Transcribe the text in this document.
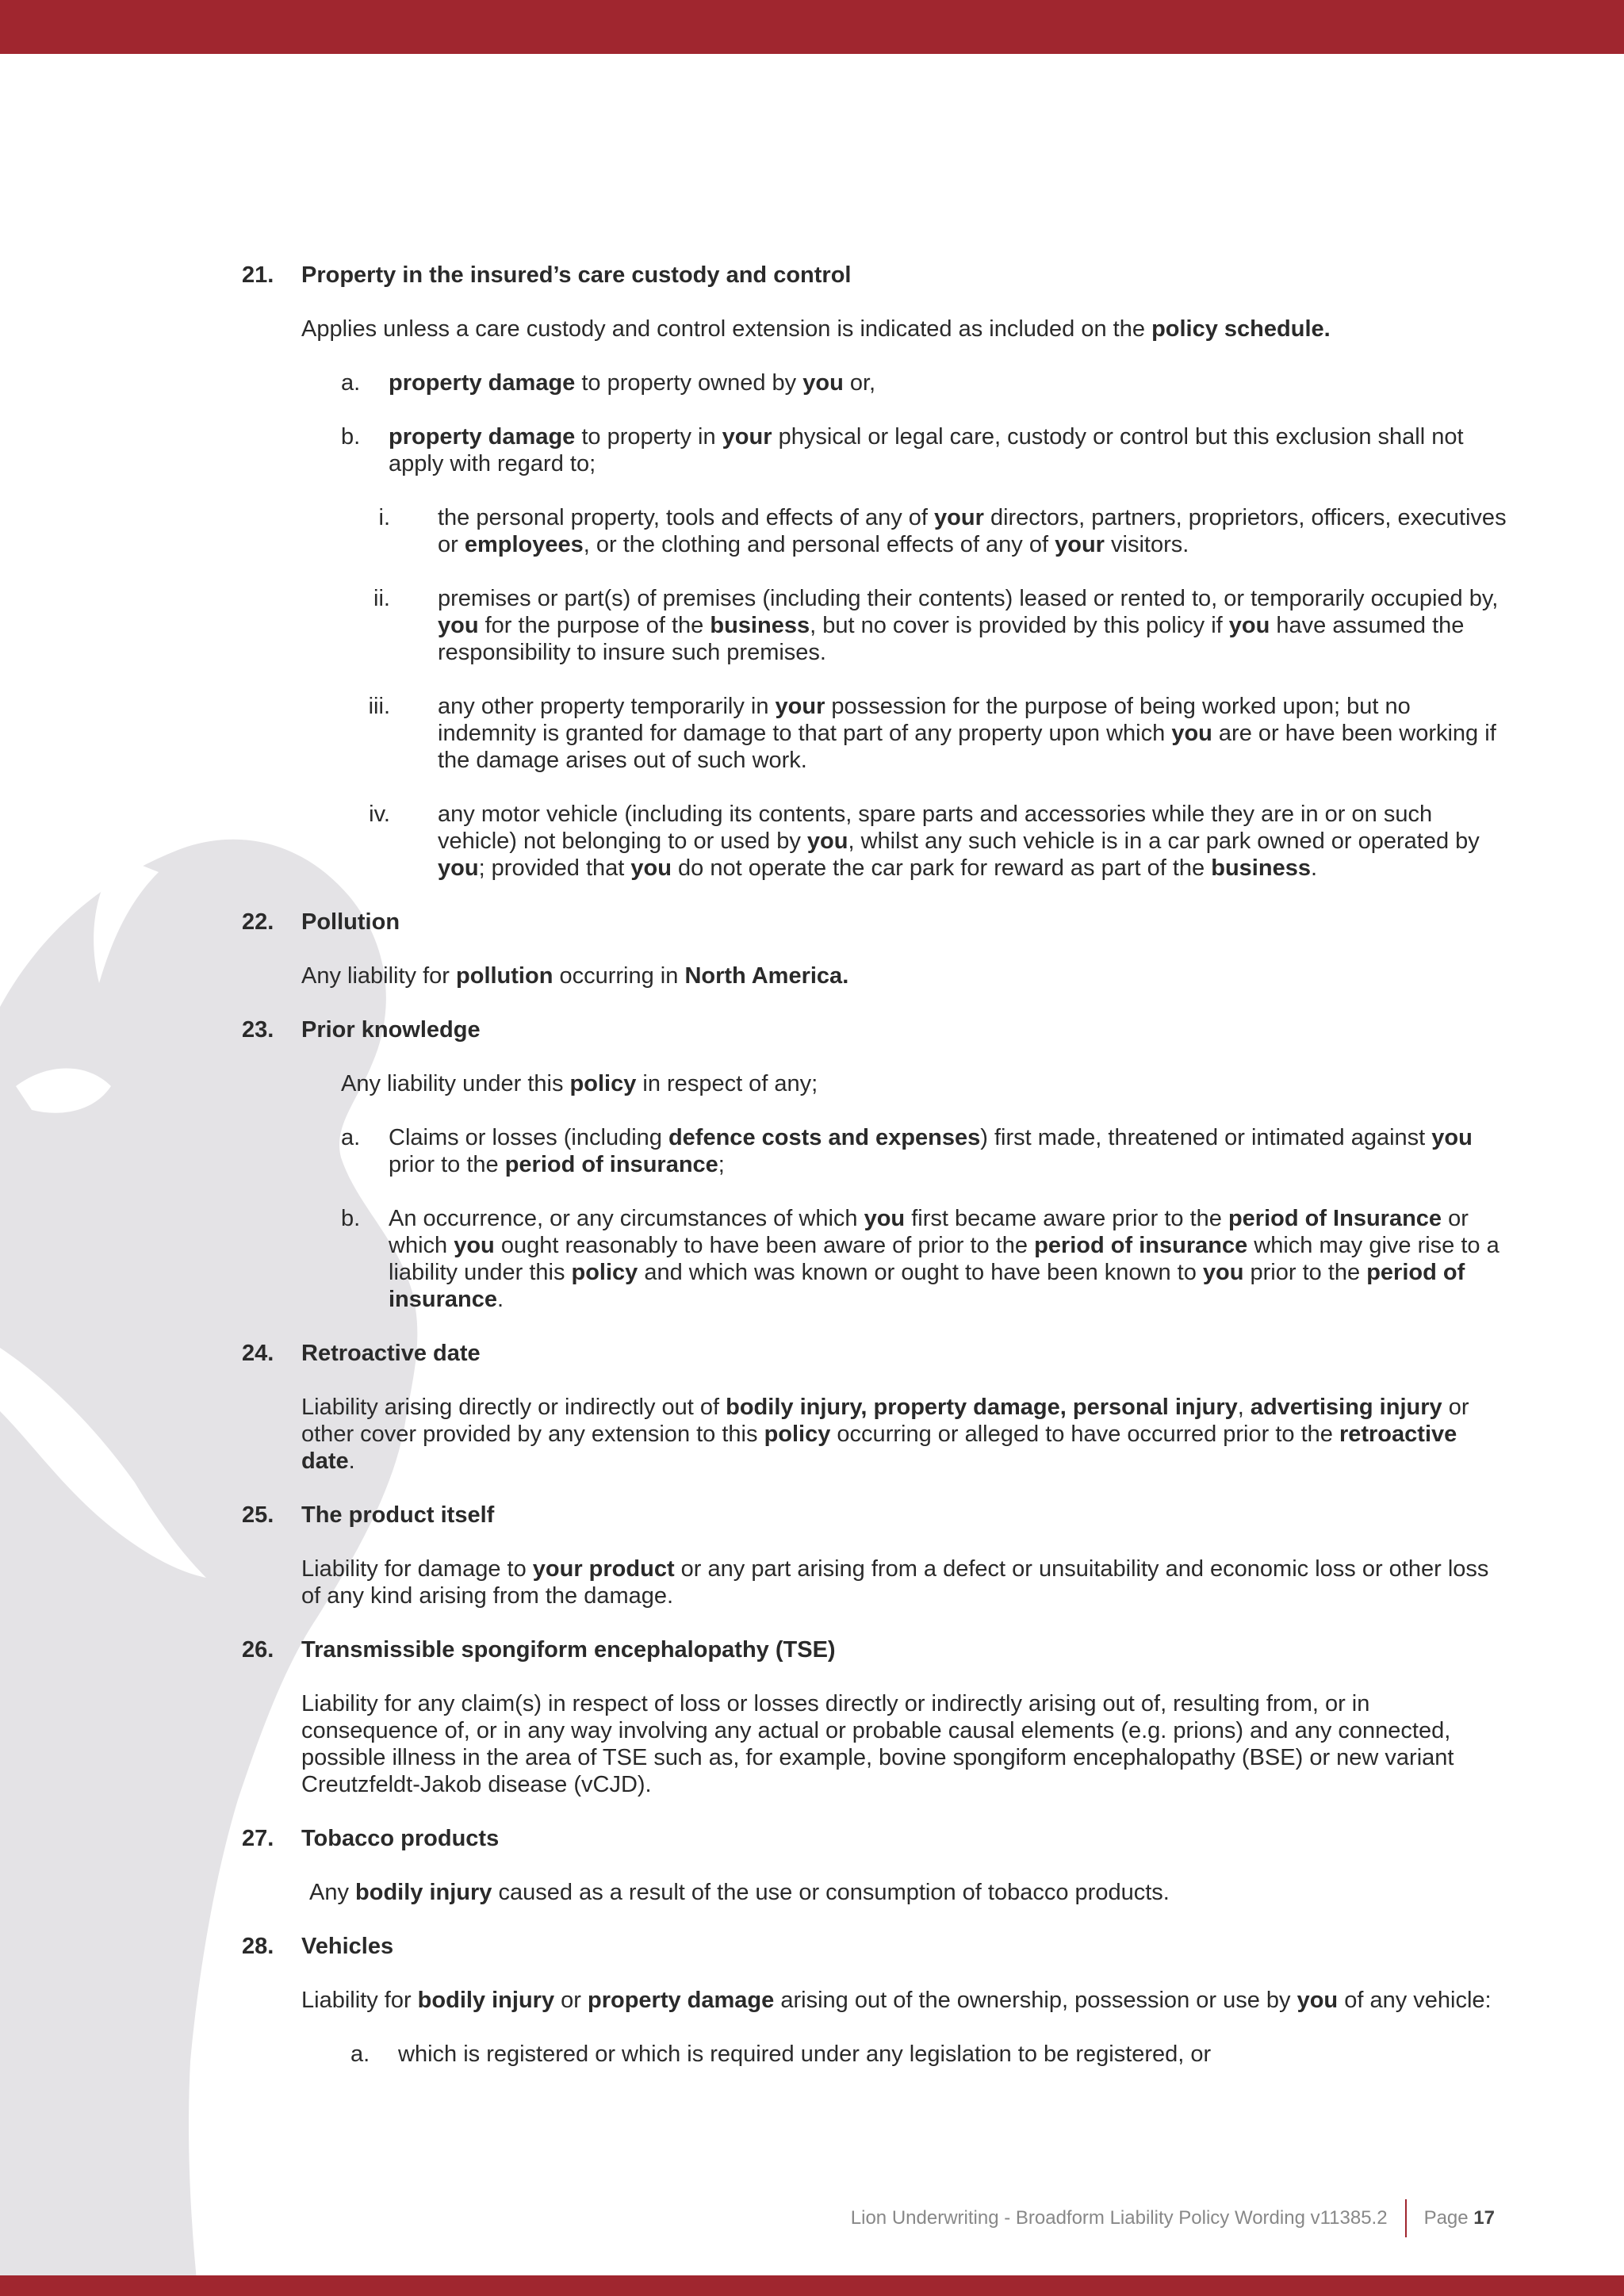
21. Property in the insured’s care custody and control

Applies unless a care custody and control extension is indicated as included on the policy schedule.

a. property damage to property owned by you or,
b. property damage to property in your physical or legal care, custody or control but this exclusion shall not apply with regard to;
i. the personal property, tools and effects of any of your directors, partners, proprietors, officers, executives or employees, or the clothing and personal effects of any of your visitors.
ii. premises or part(s) of premises (including their contents) leased or rented to, or temporarily occupied by, you for the purpose of the business, but no cover is provided by this policy if you have assumed the responsibility to insure such premises.
iii. any other property temporarily in your possession for the purpose of being worked upon; but no indemnity is granted for damage to that part of any property upon which you are or have been working if the damage arises out of such work.
iv. any motor vehicle (including its contents, spare parts and accessories while they are in or on such vehicle) not belonging to or used by you, whilst any such vehicle is in a car park owned or operated by you; provided that you do not operate the car park for reward as part of the business.
22. Pollution

Any liability for pollution occurring in North America.

23. Prior knowledge

Any liability under this policy in respect of any;

a. Claims or losses (including defence costs and expenses) first made, threatened or intimated against you prior to the period of insurance;
b. An occurrence, or any circumstances of which you first became aware prior to the period of Insurance or which you ought reasonably to have been aware of prior to the period of insurance which may give rise to a liability under this policy and which was known or ought to have been known to you prior to the period of insurance.
24. Retroactive date

Liability arising directly or indirectly out of bodily injury, property damage, personal injury, advertising injury or other cover provided by any extension to this policy occurring or alleged to have occurred prior to the retroactive date.

25. The product itself

Liability for damage to your product or any part arising from a defect or unsuitability and economic loss or other loss of any kind arising from the damage.

26. Transmissible spongiform encephalopathy (TSE)

Liability for any claim(s) in respect of loss or losses directly or indirectly arising out of, resulting from, or in consequence of, or in any way involving any actual or probable causal elements (e.g. prions) and any connected, possible illness in the area of TSE such as, for example, bovine spongiform encephalopathy (BSE) or new variant Creutzfeldt-Jakob disease (vCJD).

27. Tobacco products

Any bodily injury caused as a result of the use or consumption of tobacco products.

28. Vehicles

Liability for bodily injury or property damage arising out of the ownership, possession or use by you of any vehicle:

a. which is registered or which is required under any legislation to be registered, or
Lion Underwriting - Broadform Liability Policy Wording v11385.2 Page 17
